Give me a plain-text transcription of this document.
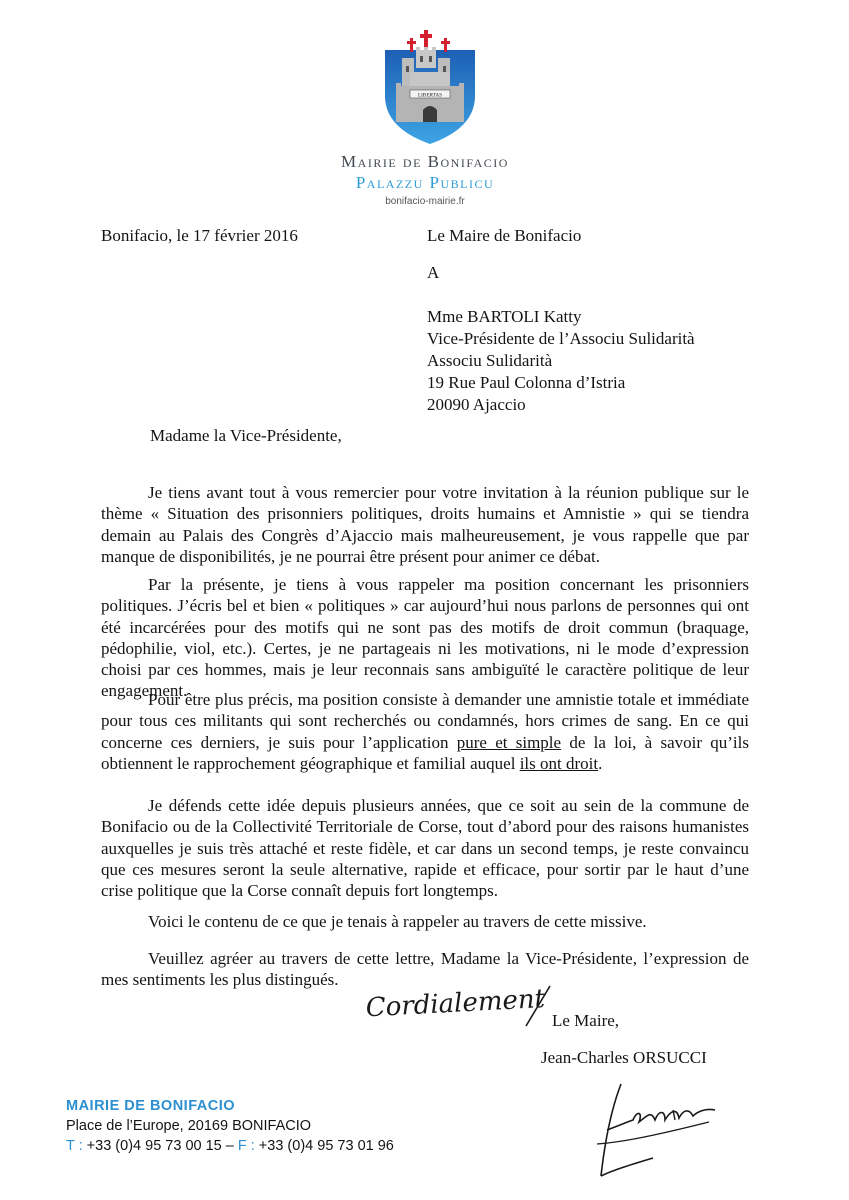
LIBERTAS
Mairie de Bonifacio
Palazzu Publicu
bonifacio-mairie.fr
Bonifacio, le 17 février 2016	Le Maire de Bonifacio
A
Mme BARTOLI Katty
Vice-Présidente de l’Associu Sulidarità
Associu Sulidarità
19 Rue Paul Colonna d’Istria
20090 Ajaccio
Madame la Vice-Présidente,

Je tiens avant tout à vous remercier pour votre invitation à la réunion publique sur le thème « Situation des prisonniers politiques, droits humains et Amnistie » qui se tiendra demain au Palais des Congrès d’Ajaccio mais malheureusement, je vous rappelle que par manque de disponibilités, je ne pourrai être présent pour animer ce débat.

Par la présente, je tiens à vous rappeler ma position concernant les prisonniers politiques. J’écris bel et bien « politiques » car aujourd’hui nous parlons de personnes qui ont été incarcérées pour des motifs qui ne sont pas des motifs de droit commun (braquage, pédophilie, viol, etc.). Certes, je ne partageais ni les motivations, ni le mode d’expression choisi par ces hommes, mais je leur reconnais sans ambiguïté le caractère politique de leur engagement.

Pour être plus précis, ma position consiste à demander une amnistie totale et immédiate pour tous ces militants qui sont recherchés ou condamnés, hors crimes de sang. En ce qui concerne ces derniers, je suis pour l’application pure et simple de la loi, à savoir qu’ils obtiennent le rapprochement géographique et familial auquel ils ont droit.

Je défends cette idée depuis plusieurs années, que ce soit au sein de la commune de Bonifacio ou de la Collectivité Territoriale de Corse, tout d’abord pour des raisons humanistes auxquelles je suis très attaché et reste fidèle, et car dans un second temps, je reste convaincu que ces mesures seront la seule alternative, rapide et efficace, pour sortir par le haut d’une crise politique que la Corse connaît depuis fort longtemps.

Voici le contenu de ce que je tenais à rappeler au travers de cette missive.

Veuillez agréer au travers de cette lettre, Madame la Vice-Présidente, l’expression de mes sentiments les plus distingués.

Cordialement Le Maire,
Jean-Charles ORSUCCI
MAIRIE DE BONIFACIO
Place de l’Europe, 20169 BONIFACIO
T : +33 (0)4 95 73 00 15 – F : +33 (0)4 95 73 01 96
